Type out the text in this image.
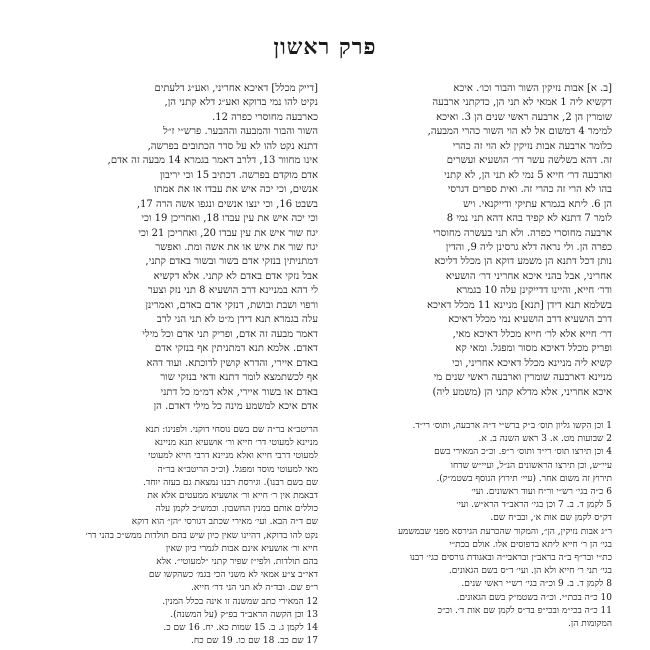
פרק ראשון

[ב. א] אבות נזיקין השור והבור וכו׳. איכא
דקשיא ליה 1 אמאי לא תני הן, כדקתני ארבעה
שומרין הן 2, ארבעה ראשי שנים הן 3. ואיכא
למימר 4 דמשום אל לא הוי השור כהרי המבעה,
כלומר ארבעה אבות נזיקין לא הוי זה כהרי
זה. דהא בשלשה עשר דר׳ הושעיא ועשרים
וארבעה דר׳ חייא 5 נמי לא תני הן, לא קתני
בהו לא הרי זה כהרי זה. ואית ספרים דגרסי
הן 6. ליתא בגמרא עתיקי ודייקנאי. ויש
לומר 7 דתנא לא קפיד בהא דהא תני נמי 8
ארבעה מחוסרי כפרה. ולא תני בעשרה מחוסרי
כפרה הן. ולי נראה דלא גרסינן ליה 9, והדין
נותן דכל דתנא הן משמע דוקא הן מכלל דליכא
אחריני, אבל בהני איכא אחריני דר׳ הושעיא
ודר׳ חייא, והיינו דדייקינן עלה 10 בגמרא
בשלמא תנא דידן [תנא] מניינא 11 מכלל דאיכא
דרב הושעיא דרב הושעיא נמי מכלל דאיכא
דר׳ חייא אלא לר׳ חייא מכלל דאיכא מאי,
ופריק מכלל דאיכא מסור ומפגל. ומאי קא
קשיא ליה מניינא מכלל דאיכא אחריני, וכי
מניינא דארבעה שומרין וארבעה ראשי שנים מי
איכא אחריני, אלא מדלא קתני הן (משמע ליה)

[דייק מכלל] דאיכא אחריני, ואע״ג דלעתים
נקיט להו נמי בדוקא ואע״ג דלא קתני הן,
כארבעה מחוסרי כפרה 12.
השור והבור והמבעה וההבער. פרש״י ז״ל
דתנא נקט להו לא על סדר הכתובים בפרשה,
אינו מחוור 13, דלרב דאמר בגמרא 14 מבעה זה אדם,
אדם מוקדם בפרשה. דכתיב 15 וכי יריבון
אנשים, וכי יכה איש את עבדו או את אמתו
בשבט 16, וכי ינצו אנשים ונגפו אשה הרה 17,
וכי יכה איש את עין עבדו 18, ואחריכן 19 וכי
יגח שור איש את עין עבדו 20, ואחריכן 21 וכי
יגח שור את איש או את אשה ומת. ואפשר
דמתניתין בנזקי אדם בשור ובשור באדם קתני,
אבל נזקי אדם באדם לא קתני. אלא דקשיא
לי דהא במניינא דרב הושעיא 8 תני נזק וצער
ורפוי ושבת ובושת, דנזקי אדם באדם, ואמרינן
עלה בגמרא תנא דידן מ״ט לא תני הני לרב
דאמר מבעה זה אדם, ופריק תני אדם וכל מילי
דאדם. אלמא תנא דמתניתין אף בנזקי אדם
באדם איירי, והדרא קושין לדוכתא. ועוד דהא
אף לכשתמצא לומר דתנא ודאי בנזקי שור
באדם או בשור איירי, אלא דמ״מ כל דתני
אדם איכא למשמע מינה כל מילי דאדם. הן

1 וכן הקשו גליון תוס׳ ב״ק ברש״י ד״ה ארבעה, ותוס׳ רי״ד.
2 שבועות מט. א. 3 ראש השנה ב. א.
4 וכן תירצו תוס׳ רי״ד ותוס׳ ר״פ. וכ״כ המאירי בשם
עיי״ש, וכן תירצו הראשונים הנ״ל, ועיי״ש שדחו
תירוץ זה משום אחר. (עיי׳ תירוץ הנוסף בשטמ״ק).
6 כ״ה בגי׳ רש״י ור״ח ועוד ראשונים. ועי׳
5 לקמן ד. ב. 7 וכן בגי׳ הראב״ד הרא״ש. ועי׳
דק״ס לקמן שם אות א׳, ובב״ח שם.
ר״ג אבות נזיקין, הן״, והמקור שהכרעת הגירסא מפני שבמשמע
בגי׳ הן ר׳ חייא ליתא בדפוסים אלו. אולם בכת״י
כת״י ובר״ף ב״ה בראב״ן ובראבי״ה ובאגודת גורסים כגי׳ רבנו
בגי׳ תני ר׳ חייא ולא הן. ועי׳ ד״ס בשם הגאונים.
8 לקמן ד. ב. 9 וכ״ה בגי׳ רש״י ראשי שנים.
10 כ״ה בכת״י. וכ״ה בשטמ״ק בשם הגאונים.
11 כ״ה בכי״מ ובכי״פ בד״ס לקמן שם אות ד׳. וכ״כ
המקומות הן.

הריטב״א בר״ה שם בשם נוסחי דוקני. ולפנינו: תנא
מניינא למעוטי דר׳ חייא ור׳ אושעיא תנא מניינא
למעוטי דרבי חייא ואלא מניינא דרבי חייא למעוטי
מאי למעוטי מוסר ומפגל. (וכ״כ הריטב״א בר״ה
שם בשם רבנו). וגירסת רבנו נמצאת גם בעזה יוחד.
דבאמת אין ר׳ חייא ור׳ אושעיא ממעטים אלא את
כוללים אותם במנין החשבון. וכמש״כ לקמן עלה
שם ד״ה הבא. ועי׳ מאירי שכתב דגורסי ״הן״ הוא דוקא
נקט להו בדוקא, דהיינו שאין כיון שיש בהם תולדות ממש״כ בהני דר׳
חייא ור׳ אושעיא אינם אבות לגמרי כיון שאין
בהם תולדות. ולפי״ז שפיר קתני ״למעוטי״. אלא
דאי״ב צ״ע אמאי לא משני הכי בגמ׳ כשהקשו שם
ר״פ שם. ובד״ה לא תני הני דר׳ חייא.
12 המאירי כתב שמשנה זו אינה בכלל המנין.
13 וכן הקשה הראב״ד בפ״ק (על המשנה).
14 לקמן ג. ב. 15 שמות כא. יח. 16 שם כ.
17 שם כב. 18 שם כו. 19 שם כח.
